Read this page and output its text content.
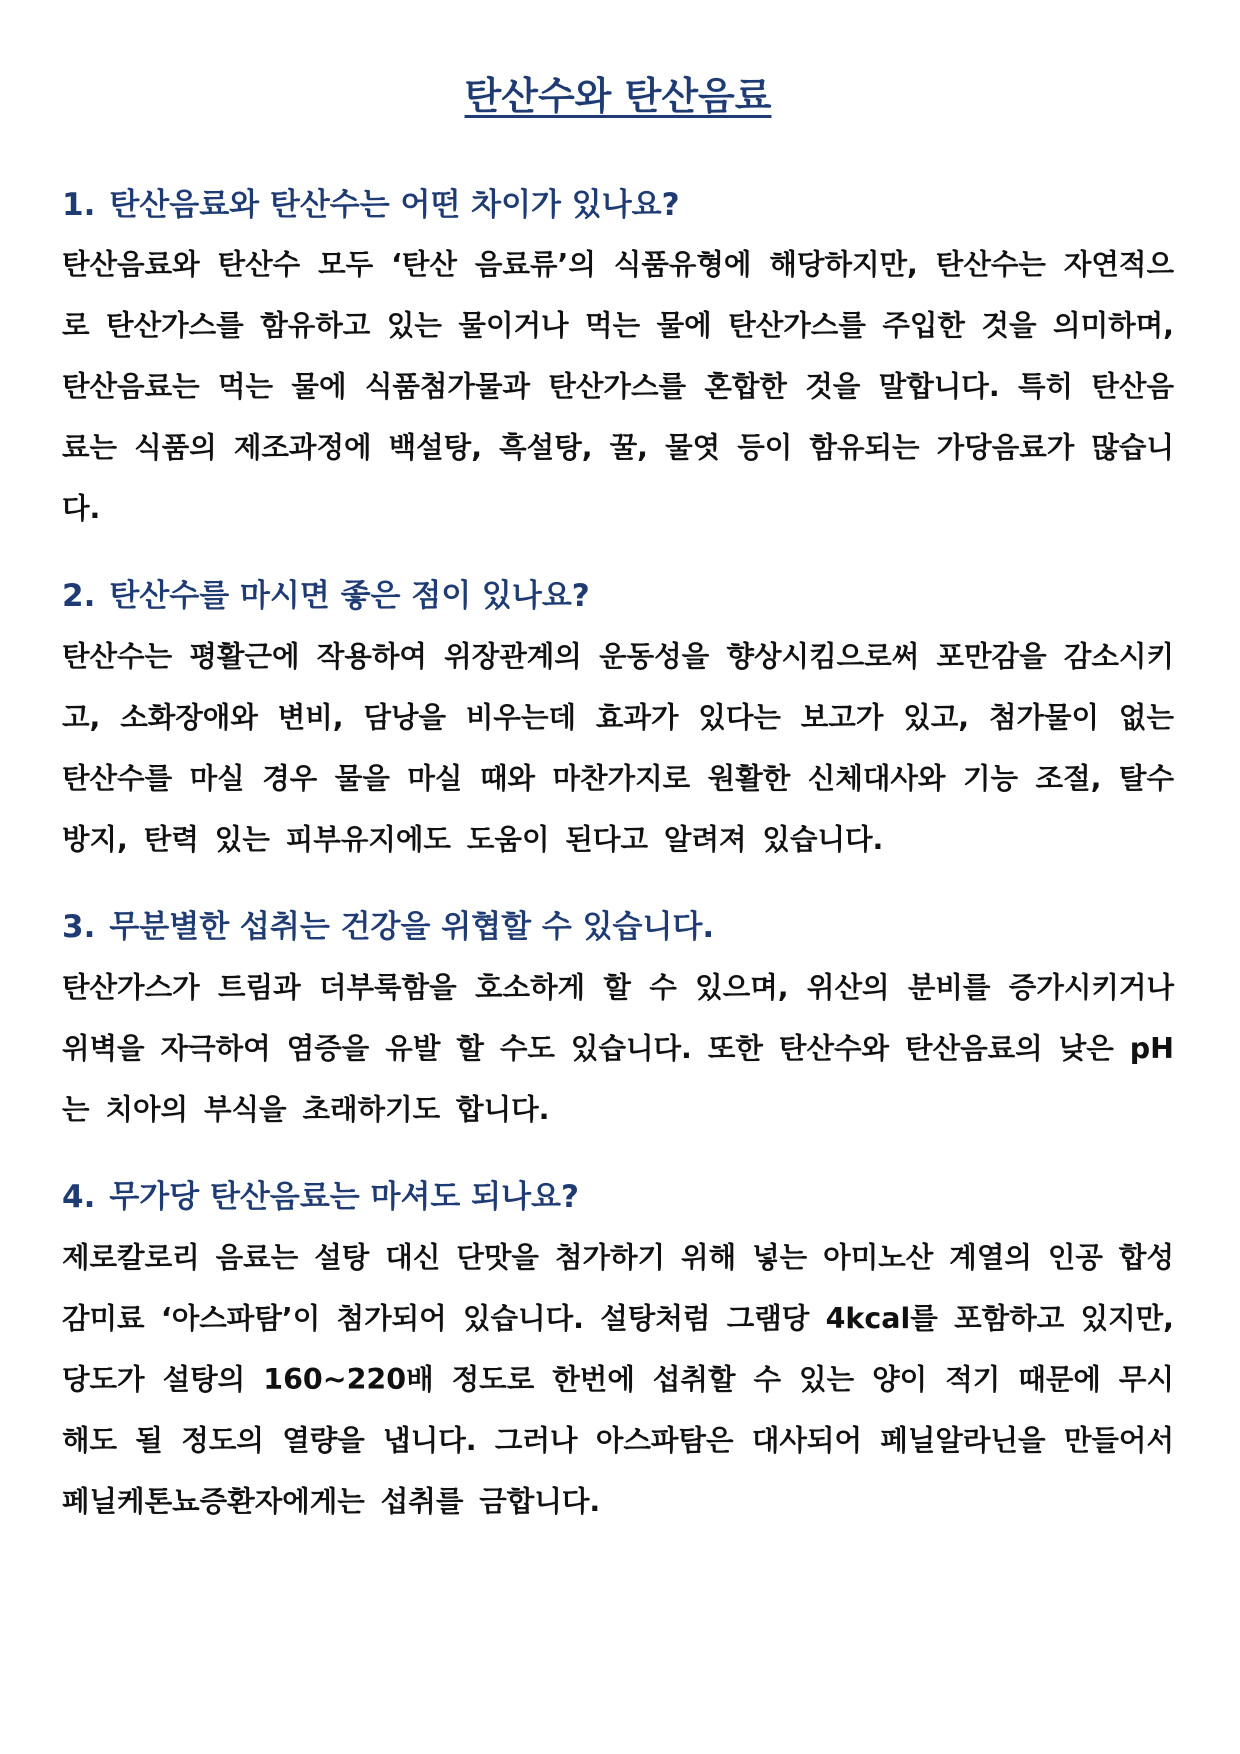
탄산수와 탄산음료
1. 탄산음료와 탄산수는 어떤 차이가 있나요?

탄산음료와 탄산수 모두 ‘탄산 음료류’의 식품유형에 해당하지만, 탄산수는 자연적으로 탄산가스를 함유하고 있는 물이거나 먹는 물에 탄산가스를 주입한 것을 의미하며, 탄산음료는 먹는 물에 식품첨가물과 탄산가스를 혼합한 것을 말합니다. 특히 탄산음료는 식품의 제조과정에 백설탕, 흑설탕, 꿀, 물엿 등이 함유되는 가당음료가 많습니다.

2. 탄산수를 마시면 좋은 점이 있나요?

탄산수는 평활근에 작용하여 위장관계의 운동성을 향상시킴으로써 포만감을 감소시키고, 소화장애와 변비, 담낭을 비우는데 효과가 있다는 보고가 있고, 첨가물이 없는 탄산수를 마실 경우 물을 마실 때와 마찬가지로 원활한 신체대사와 기능 조절, 탈수 방지, 탄력 있는 피부유지에도 도움이 된다고 알려져 있습니다.

3. 무분별한 섭취는 건강을 위협할 수 있습니다.

탄산가스가 트림과 더부룩함을 호소하게 할 수 있으며, 위산의 분비를 증가시키거나 위벽을 자극하여 염증을 유발 할 수도 있습니다. 또한 탄산수와 탄산음료의 낮은 pH는 치아의 부식을 초래하기도 합니다.

4. 무가당 탄산음료는 마셔도 되나요?

제로칼로리 음료는 설탕 대신 단맛을 첨가하기 위해 넣는 아미노산 계열의 인공 합성 감미료 ‘아스파탐’이 첨가되어 있습니다. 설탕처럼 그램당 4kcal를 포함하고 있지만, 당도가 설탕의 160~220배 정도로 한번에 섭취할 수 있는 양이 적기 때문에 무시해도 될 정도의 열량을 냅니다. 그러나 아스파탐은 대사되어 페닐알라닌을 만들어서 페닐케톤뇨증환자에게는 섭취를 금합니다.
